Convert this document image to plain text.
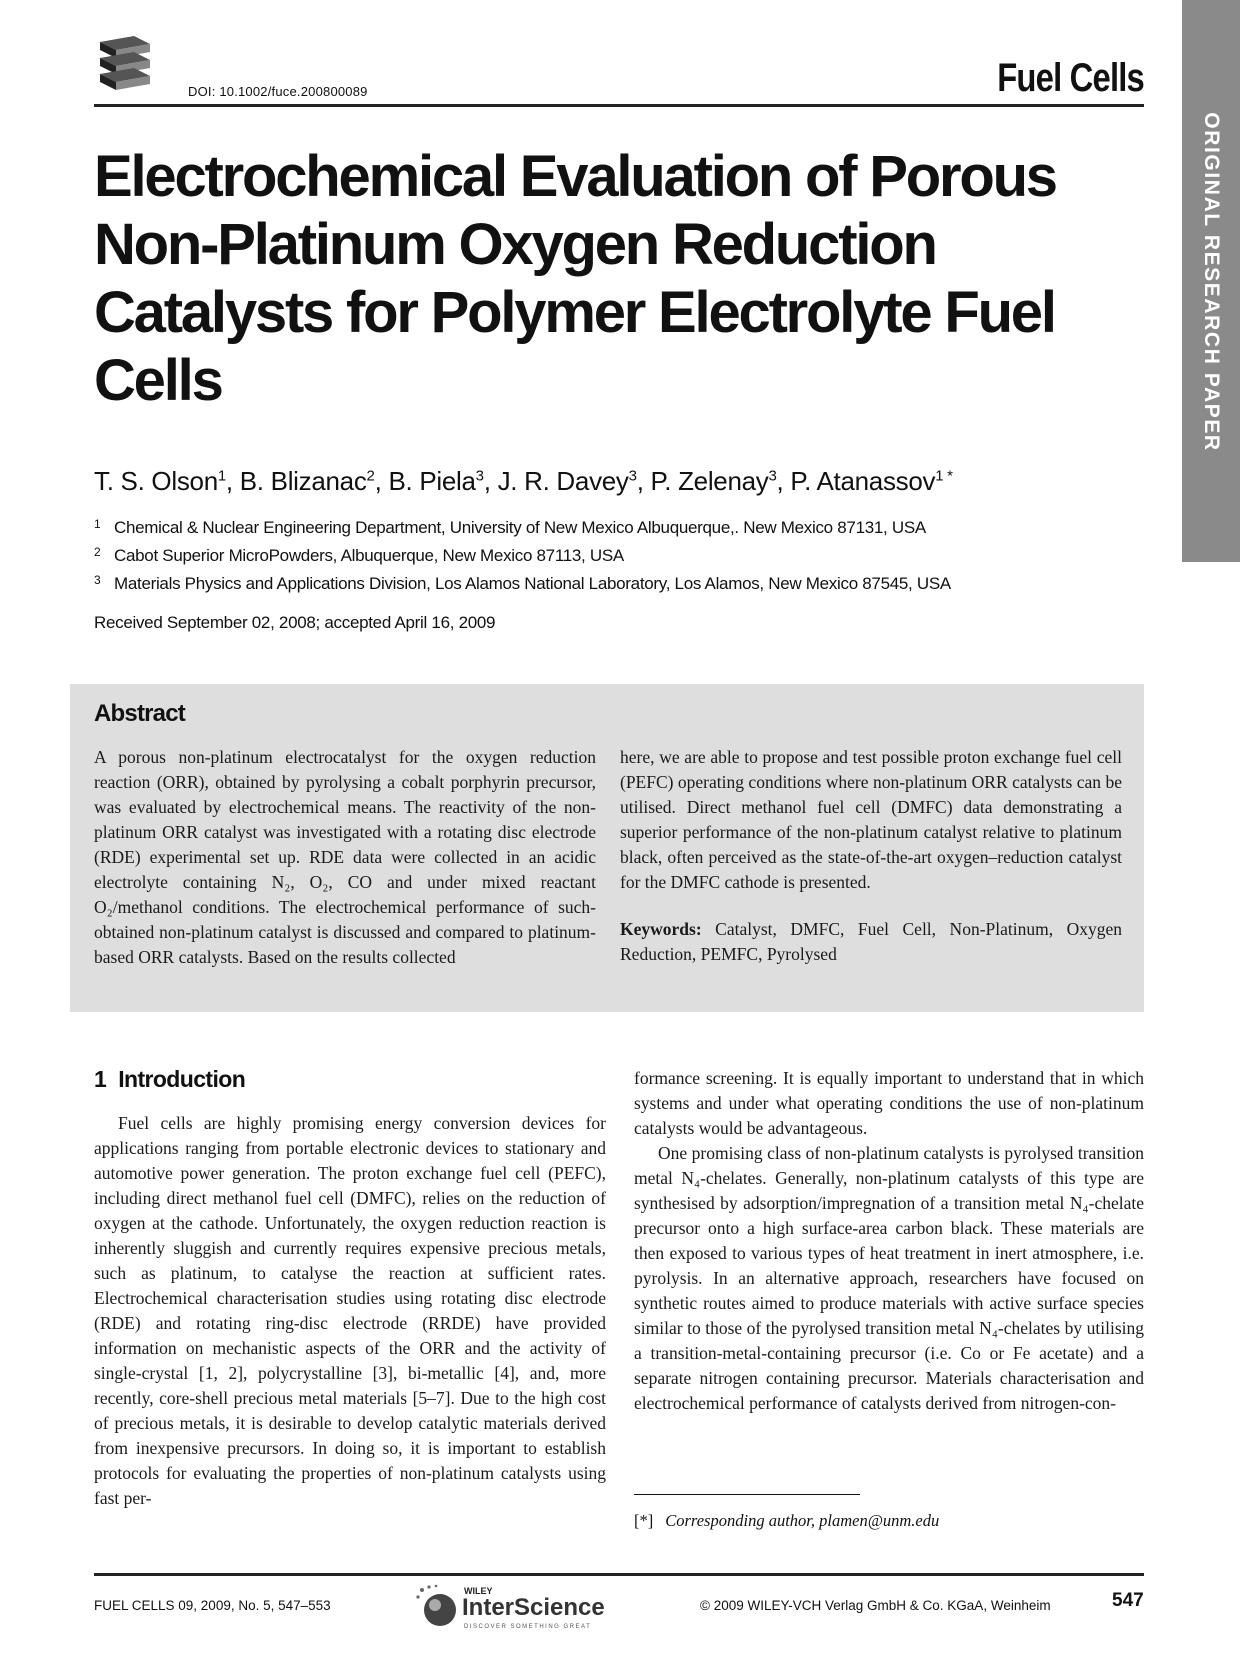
DOI: 10.1002/fuce.200800089	Fuel Cells
ORIGINAL RESEARCH PAPER
Electrochemical Evaluation of Porous Non-Platinum Oxygen Reduction Catalysts for Polymer Electrolyte Fuel Cells
T. S. Olson$^1$, B. Blizanac$^2$, B. Piela$^3$, J. R. Davey$^3$, P. Zelenay$^3$, P. Atanassov$^{1 *}$
1 Chemical & Nuclear Engineering Department, University of New Mexico Albuquerque,. New Mexico 87131, USA
2 Cabot Superior MicroPowders, Albuquerque, New Mexico 87113, USA
3 Materials Physics and Applications Division, Los Alamos National Laboratory, Los Alamos, New Mexico 87545, USA
Received September 02, 2008; accepted April 16, 2009
Abstract
A porous non-platinum electrocatalyst for the oxygen reduction reaction (ORR), obtained by pyrolysing a cobalt porphyrin precursor, was evaluated by electrochemical means. The reactivity of the non-platinum ORR catalyst was investigated with a rotating disc electrode (RDE) experimental set up. RDE data were collected in an acidic electrolyte containing N₂, O₂, CO and under mixed reactant O₂/methanol conditions. The electrochemical performance of such-obtained non-platinum catalyst is discussed and compared to platinum-based ORR catalysts. Based on the results collected
here, we are able to propose and test possible proton exchange fuel cell (PEFC) operating conditions where non-platinum ORR catalysts can be utilised. Direct methanol fuel cell (DMFC) data demonstrating a superior performance of the non-platinum catalyst relative to platinum black, often perceived as the state-of-the-art oxygen–reduction catalyst for the DMFC cathode is presented.
Keywords: Catalyst, DMFC, Fuel Cell, Non-Platinum, Oxygen Reduction, PEMFC, Pyrolysed
1 Introduction

Fuel cells are highly promising energy conversion devices for applications ranging from portable electronic devices to stationary and automotive power generation. The proton exchange fuel cell (PEFC), including direct methanol fuel cell (DMFC), relies on the reduction of oxygen at the cathode. Unfortunately, the oxygen reduction reaction is inherently sluggish and currently requires expensive precious metals, such as platinum, to catalyse the reaction at sufficient rates. Electrochemical characterisation studies using rotating disc electrode (RDE) and rotating ring-disc electrode (RRDE) have provided information on mechanistic aspects of the ORR and the activity of single-crystal [1, 2], polycrystalline [3], bi-metallic [4], and, more recently, core-shell precious metal materials [5–7]. Due to the high cost of precious metals, it is desirable to develop catalytic materials derived from inexpensive precursors. In doing so, it is important to establish protocols for evaluating the properties of non-platinum catalysts using fast per-

formance screening. It is equally important to understand that in which systems and under what operating conditions the use of non-platinum catalysts would be advantageous.

One promising class of non-platinum catalysts is pyrolysed transition metal N₄-chelates. Generally, non-platinum catalysts of this type are synthesised by adsorption/impregnation of a transition metal N₄-chelate precursor onto a high surface-area carbon black. These materials are then exposed to various types of heat treatment in inert atmosphere, i.e. pyrolysis. In an alternative approach, researchers have focused on synthetic routes aimed to produce materials with active surface species similar to those of the pyrolysed transition metal N₄-chelates by utilising a transition-metal-containing precursor (i.e. Co or Fe acetate) and a separate nitrogen containing precursor. Materials characterisation and electrochemical performance of catalysts derived from nitrogen-con-

[*] Corresponding author, plamen@unm.edu
FUEL CELLS 09, 2009, No. 5, 547–553
WILEY
InterScience
DISCOVER SOMETHING GREAT
© 2009 WILEY-VCH Verlag GmbH & Co. KGaA, Weinheim	547
